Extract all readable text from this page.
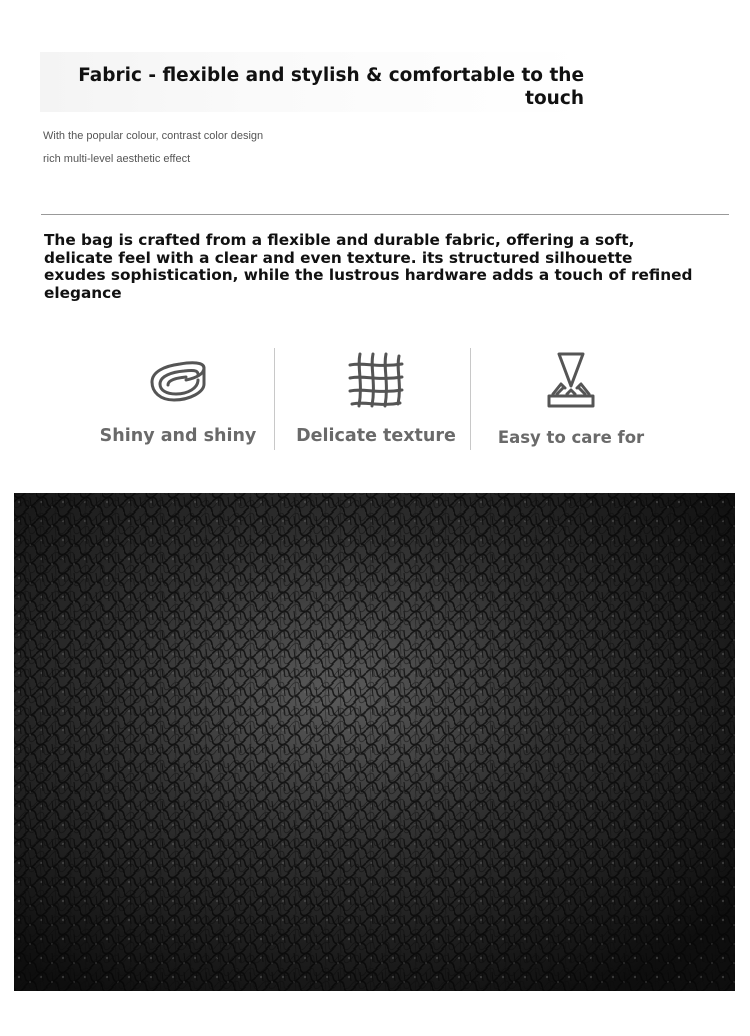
Fabric - flexible and stylish & comfortable to the touch

With the popular colour, contrast color design

rich multi-level aesthetic effect

The bag is crafted from a flexible and durable fabric, offering a soft, delicate feel with a clear and even texture. its structured silhouette exudes sophistication, while the lustrous hardware adds a touch of refined elegance

Shiny and shiny	Delicate texture	Easy to care for
